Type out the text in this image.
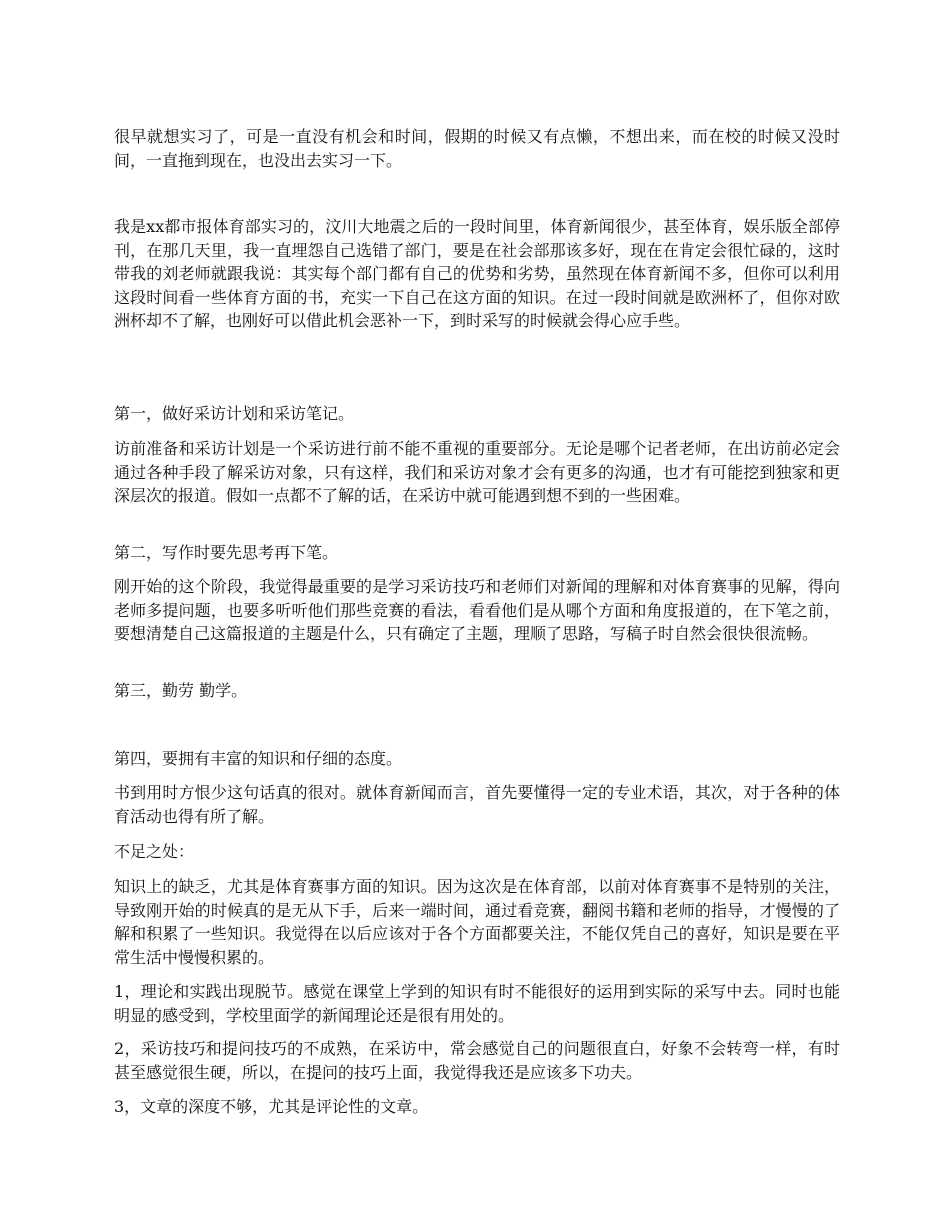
很早就想实习了，可是一直没有机会和时间，假期的时候又有点懒，不想出来，而在校的时候又没时间，一直拖到现在，也没出去实习一下。

我是xx都市报体育部实习的，汶川大地震之后的一段时间里，体育新闻很少，甚至体育，娱乐版全部停刊，在那几天里，我一直埋怨自己选错了部门，要是在社会部那该多好，现在在肯定会很忙碌的，这时带我的刘老师就跟我说：其实每个部门都有自己的优势和劣势，虽然现在体育新闻不多，但你可以利用这段时间看一些体育方面的书，充实一下自己在这方面的知识。在过一段时间就是欧洲杯了，但你对欧洲杯却不了解，也刚好可以借此机会恶补一下，到时采写的时候就会得心应手些。

第一，做好采访计划和采访笔记。

访前准备和采访计划是一个采访进行前不能不重视的重要部分。无论是哪个记者老师，在出访前必定会通过各种手段了解采访对象，只有这样，我们和采访对象才会有更多的沟通，也才有可能挖到独家和更深层次的报道。假如一点都不了解的话，在采访中就可能遇到想不到的一些困难。

第二，写作时要先思考再下笔。

刚开始的这个阶段，我觉得最重要的是学习采访技巧和老师们对新闻的理解和对体育赛事的见解，得向老师多提问题，也要多听听他们那些竞赛的看法，看看他们是从哪个方面和角度报道的，在下笔之前，要想清楚自己这篇报道的主题是什么，只有确定了主题，理顺了思路，写稿子时自然会很快很流畅。

第三，勤劳 勤学。

第四，要拥有丰富的知识和仔细的态度。

书到用时方恨少这句话真的很对。就体育新闻而言，首先要懂得一定的专业术语，其次，对于各种的体育活动也得有所了解。

不足之处：

知识上的缺乏，尤其是体育赛事方面的知识。因为这次是在体育部，以前对体育赛事不是特别的关注，导致刚开始的时候真的是无从下手，后来一端时间，通过看竞赛，翻阅书籍和老师的指导，才慢慢的了解和积累了一些知识。我觉得在以后应该对于各个方面都要关注，不能仅凭自己的喜好，知识是要在平常生活中慢慢积累的。

1，理论和实践出现脱节。感觉在课堂上学到的知识有时不能很好的运用到实际的采写中去。同时也能明显的感受到，学校里面学的新闻理论还是很有用处的。

2，采访技巧和提问技巧的不成熟，在采访中，常会感觉自己的问题很直白，好象不会转弯一样，有时甚至感觉很生硬，所以，在提问的技巧上面，我觉得我还是应该多下功夫。

3，文章的深度不够，尤其是评论性的文章。
